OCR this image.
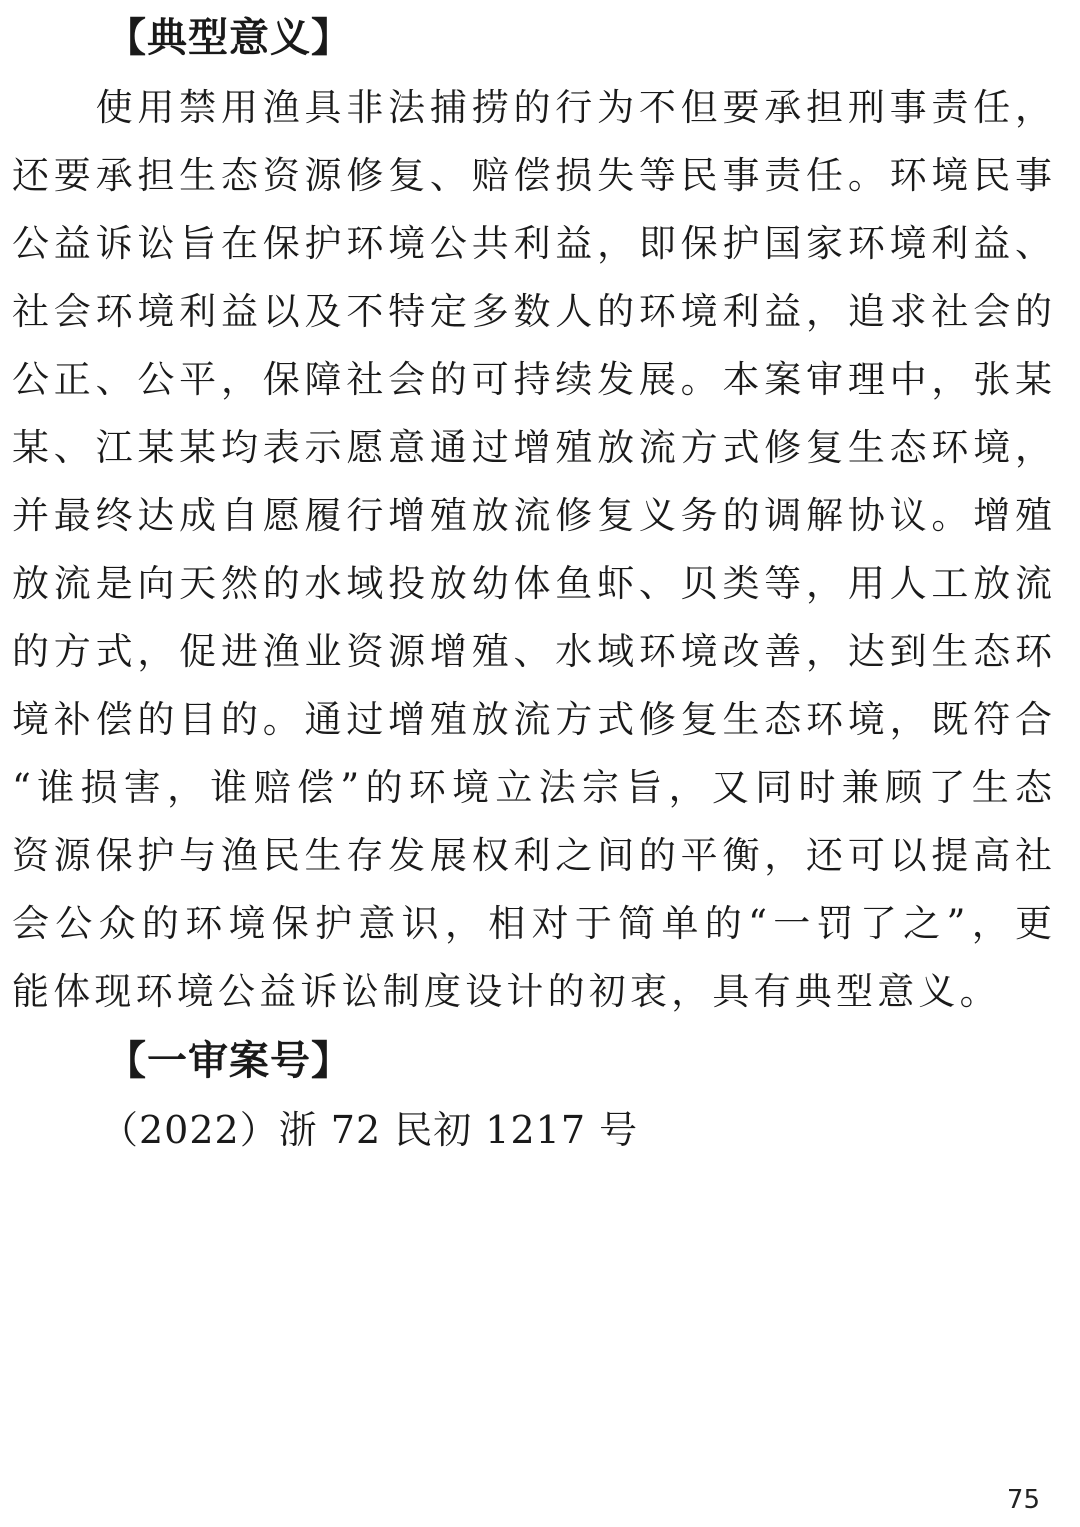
【典型意义】
　　使用禁用渔具非法捕捞的行为不但要承担刑事责任，
还要承担生态资源修复、赔偿损失等民事责任。环境民事
公益诉讼旨在保护环境公共利益，即保护国家环境利益、
社会环境利益以及不特定多数人的环境利益，追求社会的
公正、公平，保障社会的可持续发展。本案审理中，张某
某、江某某均表示愿意通过增殖放流方式修复生态环境，
并最终达成自愿履行增殖放流修复义务的调解协议。增殖
放流是向天然的水域投放幼体鱼虾、贝类等，用人工放流
的方式，促进渔业资源增殖、水域环境改善，达到生态环
境补偿的目的。通过增殖放流方式修复生态环境，既符合
“谁损害，谁赔偿”的环境立法宗旨，又同时兼顾了生态
资源保护与渔民生存发展权利之间的平衡，还可以提高社
会公众的环境保护意识，相对于简单的“一罚了之”，更
能体现环境公益诉讼制度设计的初衷，具有典型意义。
【一审案号】
（2022）浙 72 民初 1217 号
75
